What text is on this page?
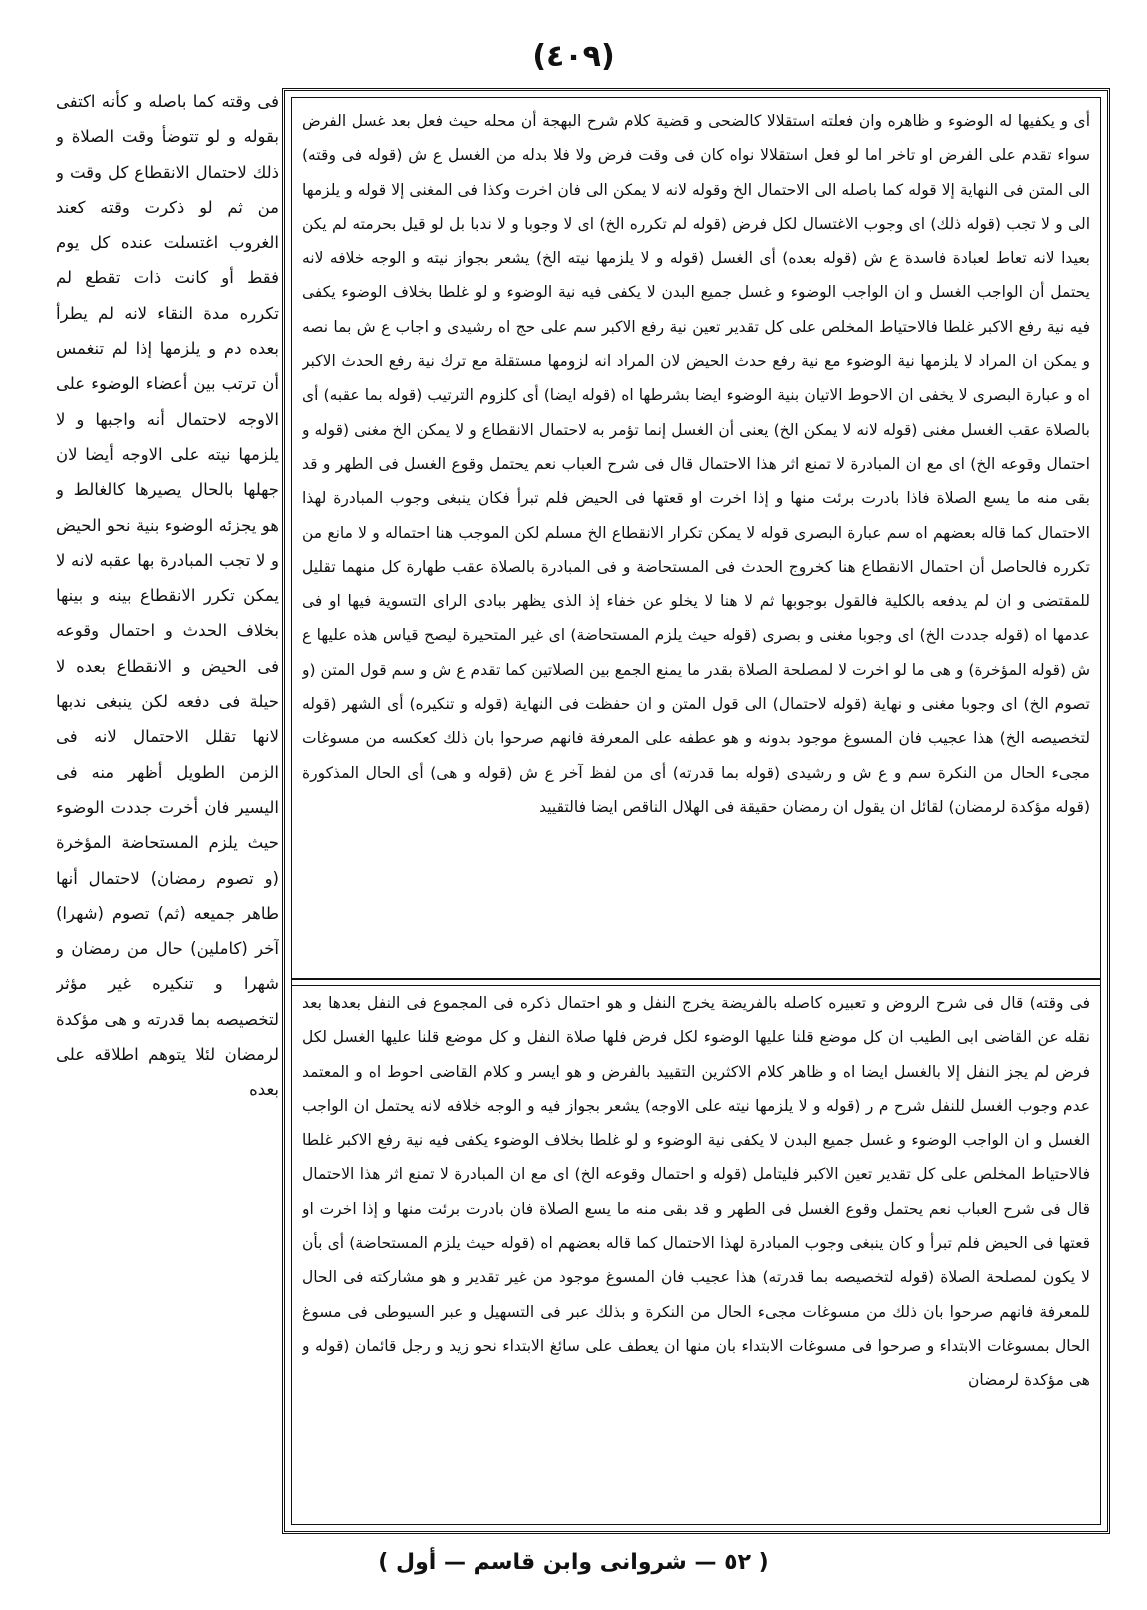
(٤٠٩)

فى وقته كما باصله و كأنه اكتفى بقوله و لو تتوضأ وقت الصلاة و ذلك لاحتمال الانقطاع كل وقت و من ثم لو ذكرت وقته كعند الغروب اغتسلت عنده كل يوم فقط أو كانت ذات تقطع لم تكرره مدة النقاء لانه لم يطرأ بعده دم و يلزمها إذا لم تنغمس أن ترتب بين أعضاء الوضوء على الاوجه لاحتمال أنه واجبها و لا يلزمها نيته على الاوجه أيضا لان جهلها بالحال يصيرها كالغالط و هو يجزئه الوضوء بنية نحو الحيض و لا تجب المبادرة بها عقبه لانه لا يمكن تكرر الانقطاع بينه و بينها بخلاف الحدث و احتمال وقوعه فى الحيض و الانقطاع بعده لا حيلة فى دفعه لكن ينبغى ندبها لانها تقلل الاحتمال لانه فى الزمن الطويل أظهر منه فى اليسير فان أخرت جددت الوضوء حيث يلزم المستحاضة المؤخرة (و تصوم رمضان) لاحتمال أنها طاهر جميعه (ثم) تصوم (شهرا) آخر (كاملين) حال من رمضان و شهرا و تنكيره غير مؤثر لتخصيصه بما قدرته و هى مؤكدة لرمضان لئلا يتوهم اطلاقه على بعده

أى و يكفيها له الوضوء و ظاهره وان فعلته استقلالا كالضحى و قضية كلام شرح البهجة أن محله حيث فعل بعد غسل الفرض سواء تقدم على الفرض او تاخر اما لو فعل استقلالا نواه كان فى وقت فرض ولا فلا بدله من الغسل ع ش (قوله فى وقته) الى المتن فى النهاية إلا قوله كما باصله الى الاحتمال الخ وقوله لانه لا يمكن الى فان اخرت وكذا فى المغنى إلا قوله و يلزمها الى و لا تجب (قوله ذلك) اى وجوب الاغتسال لكل فرض (قوله لم تكرره الخ) اى لا وجوبا و لا ندبا بل لو قيل بحرمته لم يكن بعيدا لانه تعاط لعبادة فاسدة ع ش (قوله بعده) أى الغسل (قوله و لا يلزمها نيته الخ) يشعر بجواز نيته و الوجه خلافه لانه يحتمل أن الواجب الغسل و ان الواجب الوضوء و غسل جميع البدن لا يكفى فيه نية الوضوء و لو غلطا بخلاف الوضوء يكفى فيه نية رفع الاكبر غلطا فالاحتياط المخلص على كل تقدير تعين نية رفع الاكبر سم على حج اه رشيدى و اجاب ع ش بما نصه و يمكن ان المراد لا يلزمها نية الوضوء مع نية رفع حدث الحيض لان المراد انه لزومها مستقلة مع ترك نية رفع الحدث الاكبر اه و عبارة البصرى لا يخفى ان الاحوط الاتيان بنية الوضوء ايضا بشرطها اه (قوله ايضا) أى كلزوم الترتيب (قوله بما عقبه) أى بالصلاة عقب الغسل مغنى (قوله لانه لا يمكن الخ) يعنى أن الغسل إنما تؤمر به لاحتمال الانقطاع و لا يمكن الخ مغنى (قوله و احتمال وقوعه الخ) اى مع ان المبادرة لا تمنع اثر هذا الاحتمال قال فى شرح العباب نعم يحتمل وقوع الغسل فى الطهر و قد بقى منه ما يسع الصلاة فاذا بادرت برئت منها و إذا اخرت او قعتها فى الحيض فلم تبرأ فكان ينبغى وجوب المبادرة لهذا الاحتمال كما قاله بعضهم اه سم عبارة البصرى قوله لا يمكن تكرار الانقطاع الخ مسلم لكن الموجب هنا احتماله و لا مانع من تكرره فالحاصل أن احتمال الانقطاع هنا كخروج الحدث فى المستحاضة و فى المبادرة بالصلاة عقب طهارة كل منهما تقليل للمقتضى و ان لم يدفعه بالكلية فالقول بوجوبها ثم لا هنا لا يخلو عن خفاء إذ الذى يظهر ببادى الراى التسوية فيها او فى عدمها اه (قوله جددت الخ) اى وجوبا مغنى و بصرى (قوله حيث يلزم المستحاضة) اى غير المتحيرة ليصح قياس هذه عليها ع ش (قوله المؤخرة) و هى ما لو اخرت لا لمصلحة الصلاة بقدر ما يمنع الجمع بين الصلاتين كما تقدم ع ش و سم قول المتن (و تصوم الخ) اى وجوبا مغنى و نهاية (قوله لاحتمال) الى قول المتن و ان حفظت فى النهاية (قوله و تنكيره) أى الشهر (قوله لتخصيصه الخ) هذا عجيب فان المسوغ موجود بدونه و هو عطفه على المعرفة فانهم صرحوا بان ذلك كعكسه من مسوغات مجىء الحال من النكرة سم و ع ش و رشيدى (قوله بما قدرته) أى من لفظ آخر ع ش (قوله و هى) أى الحال المذكورة (قوله مؤكدة لرمضان) لقائل ان يقول ان رمضان حقيقة فى الهلال الناقص ايضا فالتقييد

فى وقته) قال فى شرح الروض و تعبيره كاصله بالفريضة يخرج النفل و هو احتمال ذكره فى المجموع فى النفل بعدها بعد نقله عن القاضى ابى الطيب ان كل موضع قلنا عليها الوضوء لكل فرض فلها صلاة النفل و كل موضع قلنا عليها الغسل لكل فرض لم يجز النفل إلا بالغسل ايضا اه و ظاهر كلام الاكثرين التقييد بالفرض و هو ايسر و كلام القاضى احوط اه و المعتمد عدم وجوب الغسل للنفل شرح م ر (قوله و لا يلزمها نيته على الاوجه) يشعر بجواز فيه و الوجه خلافه لانه يحتمل ان الواجب الغسل و ان الواجب الوضوء و غسل جميع البدن لا يكفى نية الوضوء و لو غلطا بخلاف الوضوء يكفى فيه نية رفع الاكبر غلطا فالاحتياط المخلص على كل تقدير تعين الاكبر فليتامل (قوله و احتمال وقوعه الخ) اى مع ان المبادرة لا تمنع اثر هذا الاحتمال قال فى شرح العباب نعم يحتمل وقوع الغسل فى الطهر و قد بقى منه ما يسع الصلاة فان بادرت برئت منها و إذا اخرت او قعتها فى الحيض فلم تبرأ و كان ينبغى وجوب المبادرة لهذا الاحتمال كما قاله بعضهم اه (قوله حيث يلزم المستحاضة) أى بأن لا يكون لمصلحة الصلاة (قوله لتخصيصه بما قدرته) هذا عجيب فان المسوغ موجود من غير تقدير و هو مشاركته فى الحال للمعرفة فانهم صرحوا بان ذلك من مسوغات مجىء الحال من النكرة و بذلك عبر فى التسهيل و عبر السيوطى فى مسوغ الحال بمسوغات الابتداء و صرحوا فى مسوغات الابتداء بان منها ان يعطف على سائغ الابتداء نحو زيد و رجل قائمان (قوله و هى مؤكدة لرمضان

( ٥٢ — شروانى وابن قاسم — أول )
